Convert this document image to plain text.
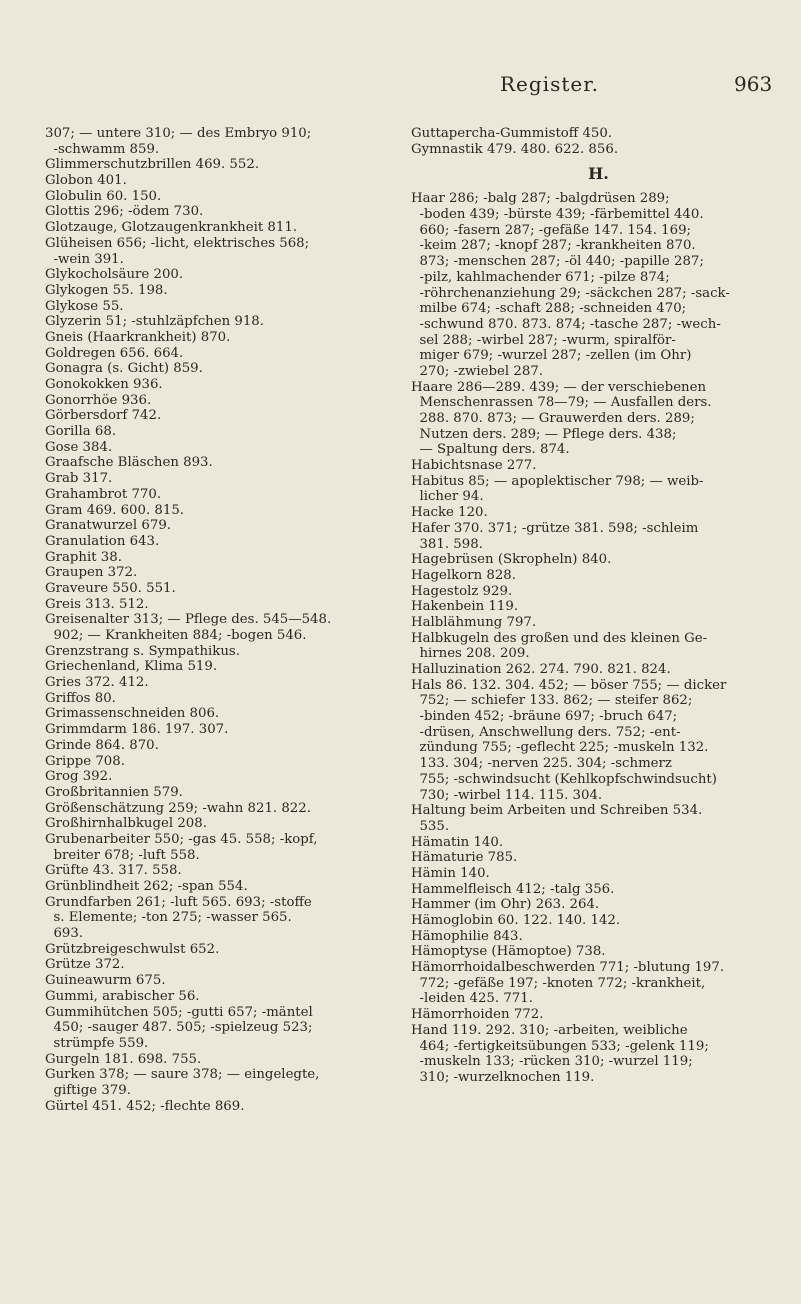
Register.	963
307; — untere 310; — des Embryo 910;
-schwamm 859.
Glimmerschutzbrillen 469. 552.
Globon 401.
Globulin 60. 150.
Glottis 296; -ödem 730.
Glotzauge, Glotzaugenkrankheit 811.
Glüheisen 656; -licht, elektrisches 568;
-wein 391.
Glykocholsäure 200.
Glykogen 55. 198.
Glykose 55.
Glyzerin 51; -stuhlzäpfchen 918.
Gneis (Haarkrankheit) 870.
Goldregen 656. 664.
Gonagra (s. Gicht) 859.
Gonokokken 936.
Gonorrhöe 936.
Görbersdorf 742.
Gorilla 68.
Gose 384.
Graafsche Bläschen 893.
Grab 317.
Grahambrot 770.
Gram 469. 600. 815.
Granatwurzel 679.
Granulation 643.
Graphit 38.
Graupen 372.
Graveure 550. 551.
Greis 313. 512.
Greisenalter 313; — Pflege des. 545—548.
902; — Krankheiten 884; -bogen 546.
Grenzstrang s. Sympathikus.
Griechenland, Klima 519.
Gries 372. 412.
Griffos 80.
Grimassenschneiden 806.
Grimmdarm 186. 197. 307.
Grinde 864. 870.
Grippe 708.
Grog 392.
Großbritannien 579.
Größenschätzung 259; -wahn 821. 822.
Großhirnhalbkugel 208.
Grubenarbeiter 550; -gas 45. 558; -kopf,
breiter 678; -luft 558.
Grüfte 43. 317. 558.
Grünblindheit 262; -span 554.
Grundfarben 261; -luft 565. 693; -stoffe
s. Elemente; -ton 275; -wasser 565.
693.
Grützbreigeschwulst 652.
Grütze 372.
Guineawurm 675.
Gummi, arabischer 56.
Gummihütchen 505; -gutti 657; -mäntel
450; -sauger 487. 505; -spielzeug 523;
strümpfe 559.
Gurgeln 181. 698. 755.
Gurken 378; — saure 378; — eingelegte,
giftige 379.
Gürtel 451. 452; -flechte 869.
Guttapercha-Gummistoff 450.
Gymnastik 479. 480. 622. 856.
H.
Haar 286; -balg 287; -balgdrüsen 289;
-boden 439; -bürste 439; -färbemittel 440.
660; -fasern 287; -gefäße 147. 154. 169;
-keim 287; -knopf 287; -krankheiten 870.
873; -menschen 287; -öl 440; -papille 287;
-pilz, kahlmachender 671; -pilze 874;
-röhrchenanziehung 29; -säckchen 287; -sack-
milbe 674; -schaft 288; -schneiden 470;
-schwund 870. 873. 874; -tasche 287; -wech-
sel 288; -wirbel 287; -wurm, spiralför-
miger 679; -wurzel 287; -zellen (im Ohr)
270; -zwiebel 287.
Haare 286—289. 439; — der verschiebenen
Menschenrassen 78—79; — Ausfallen ders.
288. 870. 873; — Grauwerden ders. 289;
Nutzen ders. 289; — Pflege ders. 438;
— Spaltung ders. 874.
Habichtsnase 277.
Habitus 85; — apoplektischer 798; — weib-
licher 94.
Hacke 120.
Hafer 370. 371; -grütze 381. 598; -schleim
381. 598.
Hagebrüsen (Skropheln) 840.
Hagelkorn 828.
Hagestolz 929.
Hakenbein 119.
Halblähmung 797.
Halbkugeln des großen und des kleinen Ge-
hirnes 208. 209.
Halluzination 262. 274. 790. 821. 824.
Hals 86. 132. 304. 452; — böser 755; — dicker
752; — schiefer 133. 862; — steifer 862;
-binden 452; -bräune 697; -bruch 647;
-drüsen, Anschwellung ders. 752; -ent-
zündung 755; -geflecht 225; -muskeln 132.
133. 304; -nerven 225. 304; -schmerz
755; -schwindsucht (Kehlkopfschwindsucht)
730; -wirbel 114. 115. 304.
Haltung beim Arbeiten und Schreiben 534.
535.
Hämatin 140.
Hämaturie 785.
Hämin 140.
Hammelfleisch 412; -talg 356.
Hammer (im Ohr) 263. 264.
Hämoglobin 60. 122. 140. 142.
Hämophilie 843.
Hämoptyse (Hämoptoe) 738.
Hämorrhoidalbeschwerden 771; -blutung 197.
772; -gefäße 197; -knoten 772; -krankheit,
-leiden 425. 771.
Hämorrhoiden 772.
Hand 119. 292. 310; -arbeiten, weibliche
464; -fertigkeitsübungen 533; -gelenk 119;
-muskeln 133; -rücken 310; -wurzel 119;
310; -wurzelknochen 119.
